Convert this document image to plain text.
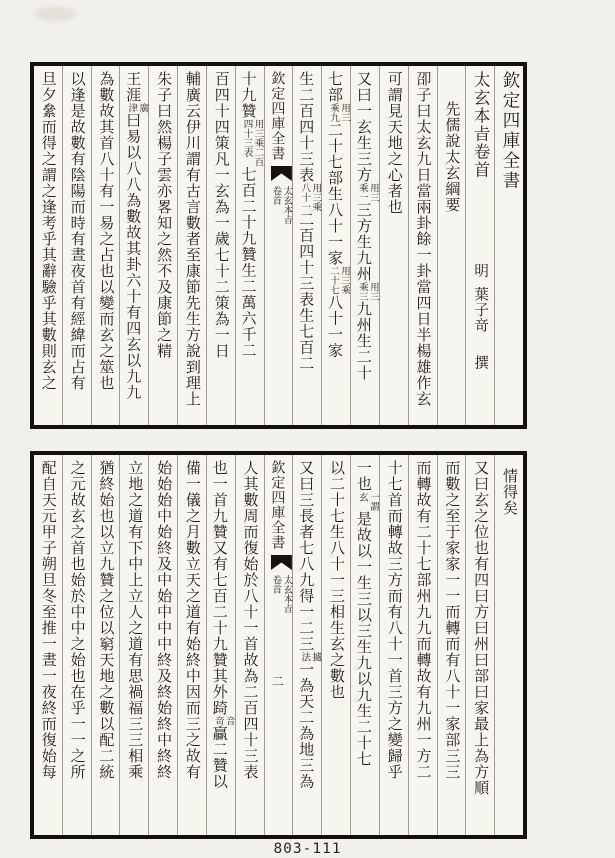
欽定四庫全書
太玄本㫖卷首明葉子竒撰
先儒說太玄綱要
卲子曰太玄九日當兩卦餘一卦當四日半楊雄作玄
可謂見天地之心者也
又曰一玄生三方
用三
乘一
三方生九州
用三
乘三
九州生二十
七部
用三
乘九
二十七部生八十一家
用三乘
二十七
八十一家
生二百四十三表
用三乘
八十一
二百四十三表生七百二
欽定四庫全書
太玄本㫖
卷首
十九贊
用三乘二百
四十三表
七百二十九贊生二萬六千二
百四十四策凡一玄為一歲七十二策為一日
輔廣云伊川謂有古言數者至康節先生方說到理上
朱子曰然楊子雲亦畧知之然不及康節之精
王涯
廣
津
曰易以八八為數故其卦六十有四玄以九九
為數故其首八十有一易之占也以變而玄之筮也
以逢是故數有陰陽而時有晝夜首有經緯而占有
旦夕絫而得之謂之逢考乎其辭驗乎其數則玄之
情得矣
又曰玄之位也有四曰方曰州曰部曰家最上為方順
而數之至于家家一一而轉而有八十一家部三三
而轉故有二十七部州九九而轉故有九州一方二
十七首而轉故三方而有八十一首三方之變歸乎
一也
一謂
玄
是故以一生三以三生九以九生二十七
以二十七生八十一三相生玄之數也
又曰三長者七八九得一二三
㨿
法
一為天二為地三為
欽定四庫全書
太玄本㫖
卷首
二
人其數周而復始於八十一首故為二百四十三表
也一首九贊又有七百二十九贊其外踦
音
竒
贏二贊以
備一儀之月數立天之道有始終中因而三之故有
始始始中始終及中始中中中終及終始終中終終
立地之道有下中上立人之道有思禍福三三相乘
猶終始也以立九贊之位以窮天地之數以配二統
之元故玄之首也始於中中之始也在乎一一之所
配自天元甲子朔旦冬至推一晝一夜終而復始每
803-111
